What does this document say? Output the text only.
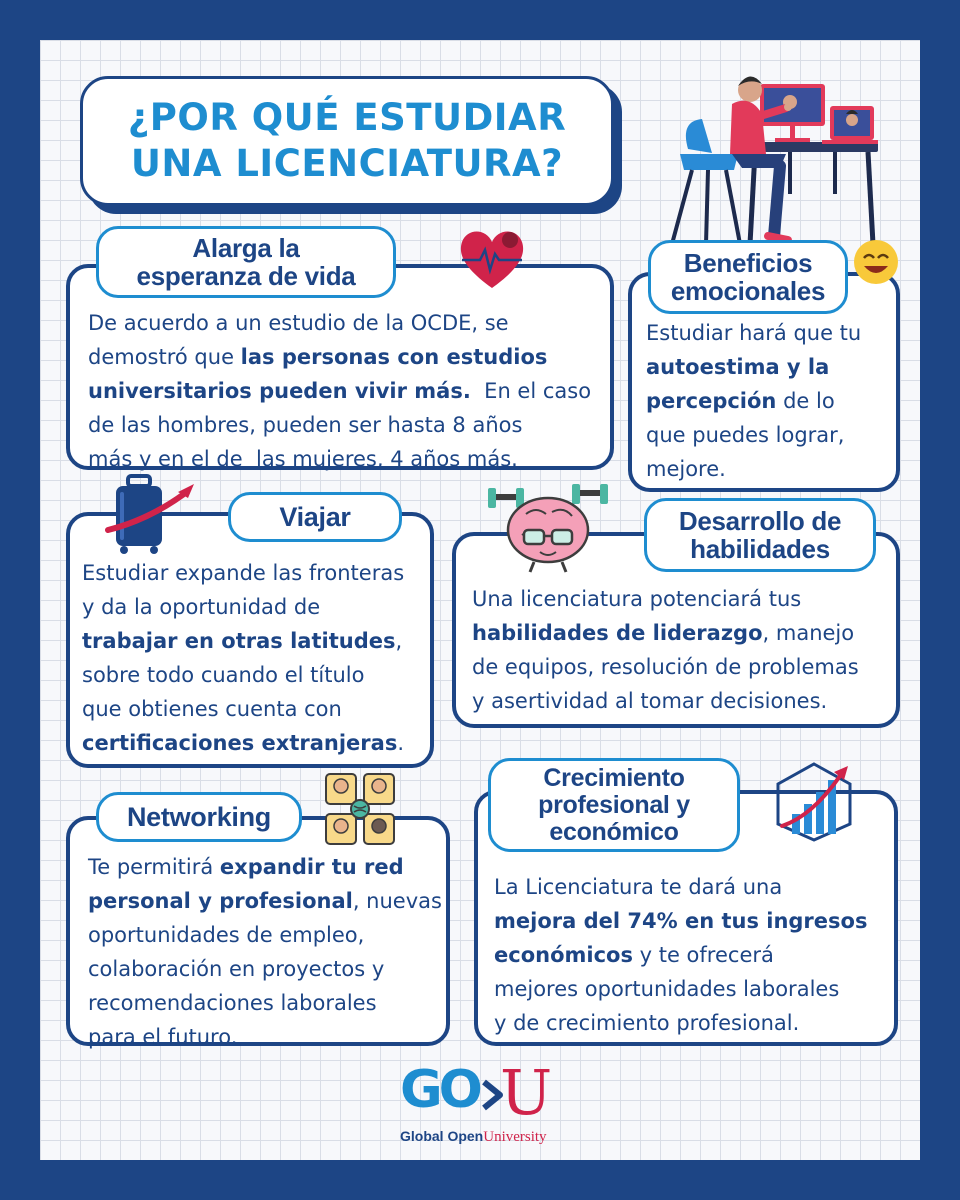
¿POR QUÉ ESTUDIAR
UNA LICENCIATURA?
De acuerdo a un estudio de la OCDE, se
demostró que las personas con estudios
universitarios pueden vivir más.  En el caso
de las hombres, pueden ser hasta 8 años
más y en el de  las mujeres, 4 años más.
Alarga la
esperanza de vida
Estudiar hará que tu
autoestima y la
percepción de lo
que puedes lograr,
mejore.
Beneficios
emocionales
Estudiar expande las fronteras
y da la oportunidad de
trabajar en otras latitudes,
sobre todo cuando el título
que obtienes cuenta con
certificaciones extranjeras.
Viajar
Una licenciatura potenciará tus
habilidades de liderazgo, manejo
de equipos, resolución de problemas
y asertividad al tomar decisiones.
Desarrollo de
habilidades
Te permitirá expandir tu red
personal y profesional, nuevas
oportunidades de empleo,
colaboración en proyectos y
recomendaciones laborales
para el futuro.
Networking
La Licenciatura te dará una
mejora del 74% en tus ingresos
económicos y te ofrecerá
mejores oportunidades laborales
y de crecimiento profesional.
Crecimiento
profesional y
económico
GO U
Global OpenUniversity
